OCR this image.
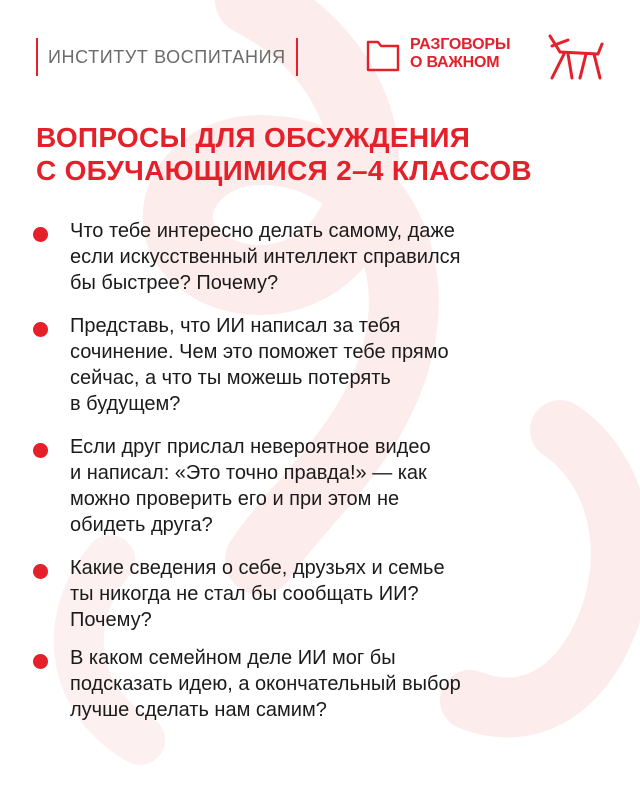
ИНСТИТУТ ВОСПИТАНИЯ
РАЗГОВОРЫ
О ВАЖНОМ
ВОПРОСЫ ДЛЯ ОБСУЖДЕНИЯ
С ОБУЧАЮЩИМИСЯ 2–4 КЛАССОВ
Что тебе интересно делать самому, даже
если искусственный интеллект справился
бы быстрее? Почему?
Представь, что ИИ написал за тебя
сочинение. Чем это поможет тебе прямо
сейчас, а что ты можешь потерять
в будущем?
Если друг прислал невероятное видео
и написал: «Это точно правда!» — как
можно проверить его и при этом не
обидеть друга?
Какие сведения о себе, друзьях и семье
ты никогда не стал бы сообщать ИИ?
Почему?
В каком семейном деле ИИ мог бы
подсказать идею, а окончательный выбор
лучше сделать нам самим?
